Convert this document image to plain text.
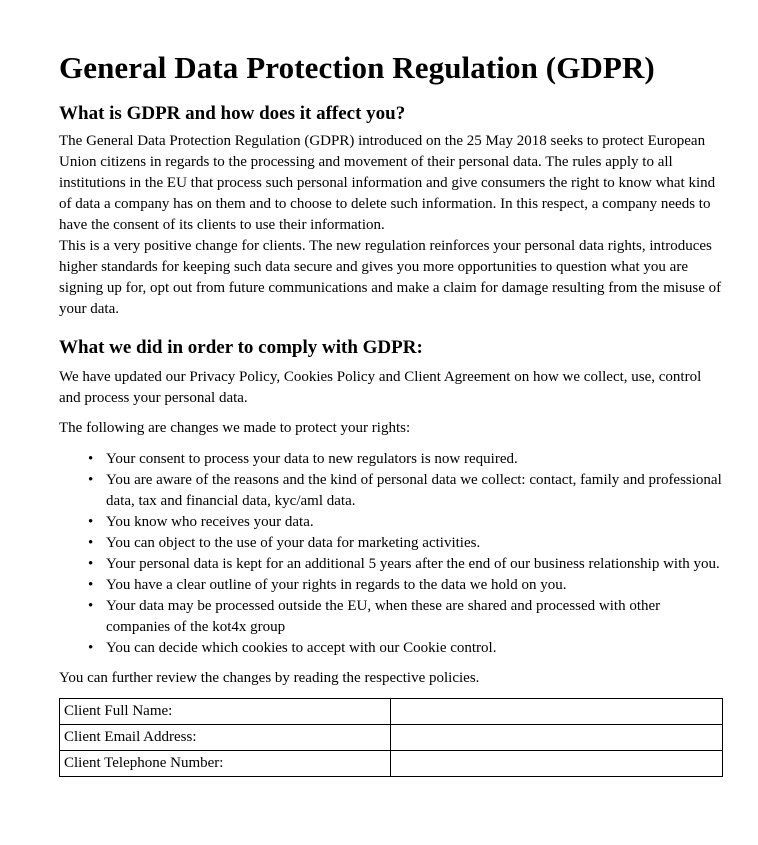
General Data Protection Regulation (GDPR)
What is GDPR and how does it affect you?

The General Data Protection Regulation (GDPR) introduced on the 25 May 2018 seeks to protect European Union citizens in regards to the processing and movement of their personal data. The rules apply to all institutions in the EU that process such personal information and give consumers the right to know what kind of data a company has on them and to choose to delete such information. In this respect, a company needs to have the consent of its clients to use their information.

This is a very positive change for clients. The new regulation reinforces your personal data rights, introduces higher standards for keeping such data secure and gives you more opportunities to question what you are signing up for, opt out from future communications and make a claim for damage resulting from the misuse of your data.

What we did in order to comply with GDPR:

We have updated our Privacy Policy, Cookies Policy and Client Agreement on how we collect, use, control and process your personal data.

The following are changes we made to protect your rights:

• Your consent to process your data to new regulators is now required.
• You are aware of the reasons and the kind of personal data we collect: contact, family and professional data, tax and financial data, kyc/aml data.
• You know who receives your data.
• You can object to the use of your data for marketing activities.
• Your personal data is kept for an additional 5 years after the end of our business relationship with you.
• You have a clear outline of your rights in regards to the data we hold on you.
• Your data may be processed outside the EU, when these are shared and processed with other companies of the kot4x group
• You can decide which cookies to accept with our Cookie control.

You can further review the changes by reading the respective policies.

Client Full Name:	
Client Email Address:	
Client Telephone Number:	
